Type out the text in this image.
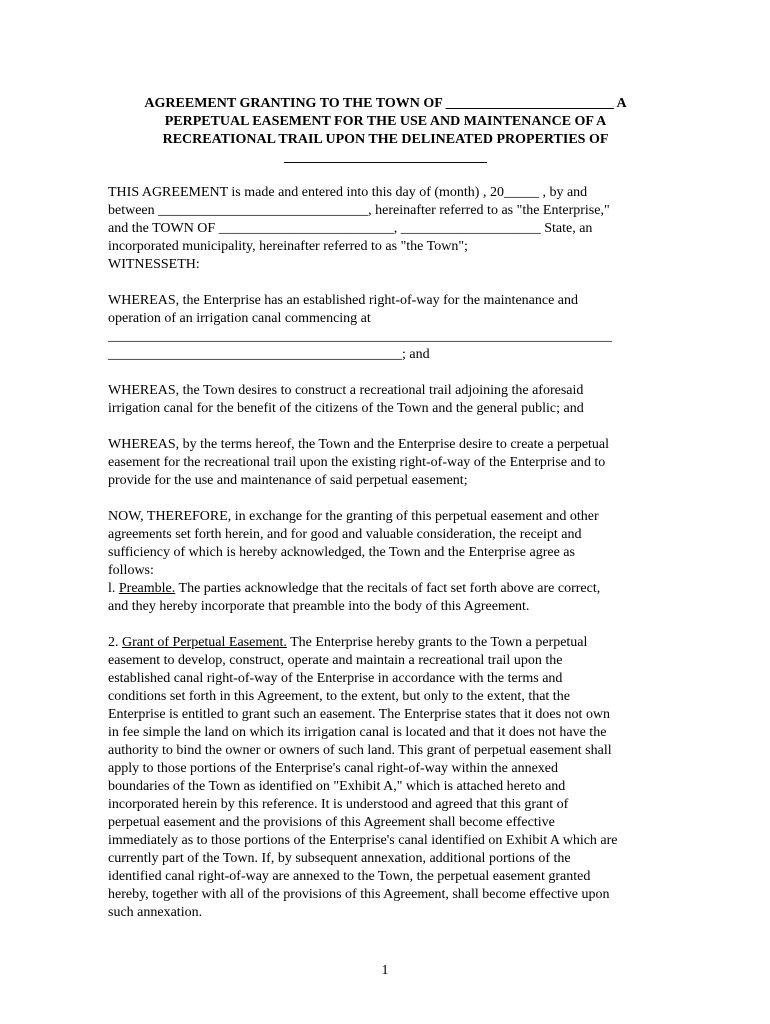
AGREEMENT GRANTING TO THE TOWN OF ________________________ A
PERPETUAL EASEMENT FOR THE USE AND MAINTENANCE OF A
RECREATIONAL TRAIL UPON THE DELINEATED PROPERTIES OF
_____________________________
THIS AGREEMENT is made and entered into this day of (month) , 20_____ , by and
between ______________________________, hereinafter referred to as "the Enterprise,"
and the TOWN OF _________________________, ____________________ State, an
incorporated municipality, hereinafter referred to as "the Town";
WITNESSETH:
WHEREAS, the Enterprise has an established right-of-way for the maintenance and
operation of an irrigation canal commencing at
________________________________________________________________________
__________________________________________; and
WHEREAS, the Town desires to construct a recreational trail adjoining the aforesaid
irrigation canal for the benefit of the citizens of the Town and the general public; and
WHEREAS, by the terms hereof, the Town and the Enterprise desire to create a perpetual
easement for the recreational trail upon the existing right-of-way of the Enterprise and to
provide for the use and maintenance of said perpetual easement;
NOW, THEREFORE, in exchange for the granting of this perpetual easement and other
agreements set forth herein, and for good and valuable consideration, the receipt and
sufficiency of which is hereby acknowledged, the Town and the Enterprise agree as
follows:
l. Preamble. The parties acknowledge that the recitals of fact set forth above are correct,
and they hereby incorporate that preamble into the body of this Agreement.
2. Grant of Perpetual Easement. The Enterprise hereby grants to the Town a perpetual
easement to develop, construct, operate and maintain a recreational trail upon the
established canal right-of-way of the Enterprise in accordance with the terms and
conditions set forth in this Agreement, to the extent, but only to the extent, that the
Enterprise is entitled to grant such an easement. The Enterprise states that it does not own
in fee simple the land on which its irrigation canal is located and that it does not have the
authority to bind the owner or owners of such land. This grant of perpetual easement shall
apply to those portions of the Enterprise's canal right-of-way within the annexed
boundaries of the Town as identified on "Exhibit A," which is attached hereto and
incorporated herein by this reference. It is understood and agreed that this grant of
perpetual easement and the provisions of this Agreement shall become effective
immediately as to those portions of the Enterprise's canal identified on Exhibit A which are
currently part of the Town. If, by subsequent annexation, additional portions of the
identified canal right-of-way are annexed to the Town, the perpetual easement granted
hereby, together with all of the provisions of this Agreement, shall become effective upon
such annexation.
1
